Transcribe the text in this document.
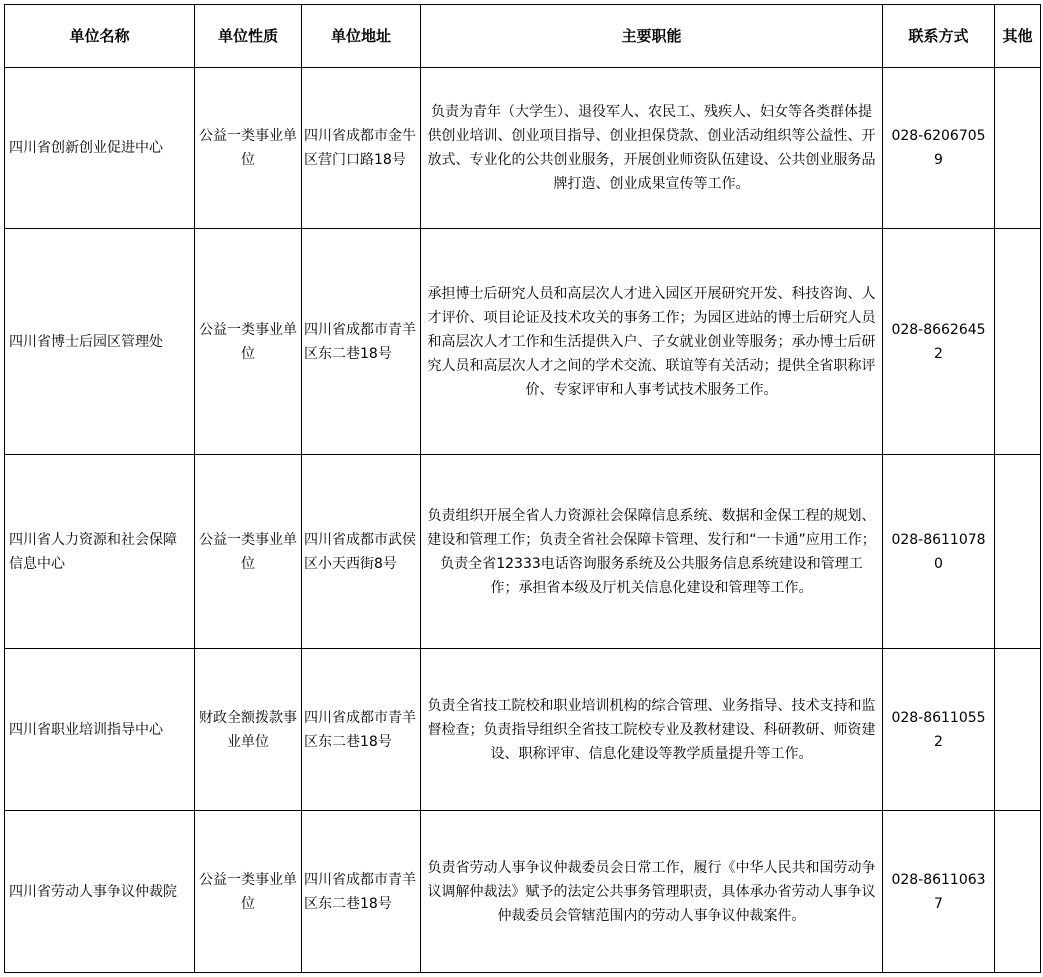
单位名称	单位性质	单位地址	主要职能	联系方式	其他
四川省创新创业促进中心	公益一类事业单位	四川省成都市金牛区营门口路18号	负责为青年（大学生）、退役军人、农民工、残疾人、妇女等各类群体提供创业培训、创业项目指导、创业担保贷款、创业活动组织等公益性、开放式、专业化的公共创业服务，开展创业师资队伍建设、公共创业服务品牌打造、创业成果宣传等工作。	028-62067059	
四川省博士后园区管理处	公益一类事业单位	四川省成都市青羊区东二巷18号	承担博士后研究人员和高层次人才进入园区开展研究开发、科技咨询、人才评价、项目论证及技术攻关的事务工作；为园区进站的博士后研究人员和高层次人才工作和生活提供入户、子女就业创业等服务；承办博士后研究人员和高层次人才之间的学术交流、联谊等有关活动；提供全省职称评价、专家评审和人事考试技术服务工作。	028-86626452	
四川省人力资源和社会保障信息中心	公益一类事业单位	四川省成都市武侯区小天西街8号	负责组织开展全省人力资源社会保障信息系统、数据和金保工程的规划、建设和管理工作；负责全省社会保障卡管理、发行和“一卡通”应用工作；负责全省12333电话咨询服务系统及公共服务信息系统建设和管理工作；承担省本级及厅机关信息化建设和管理等工作。	028-86110780	
四川省职业培训指导中心	财政全额拨款事业单位	四川省成都市青羊区东二巷18号	负责全省技工院校和职业培训机构的综合管理、业务指导、技术支持和监督检查；负责指导组织全省技工院校专业及教材建设、科研教研、师资建设、职称评审、信息化建设等教学质量提升等工作。	028-86110552	
四川省劳动人事争议仲裁院	公益一类事业单位	四川省成都市青羊区东二巷18号	负责省劳动人事争议仲裁委员会日常工作，履行《中华人民共和国劳动争议调解仲裁法》赋予的法定公共事务管理职责，具体承办省劳动人事争议仲裁委员会管辖范围内的劳动人事争议仲裁案件。	028-86110637	
